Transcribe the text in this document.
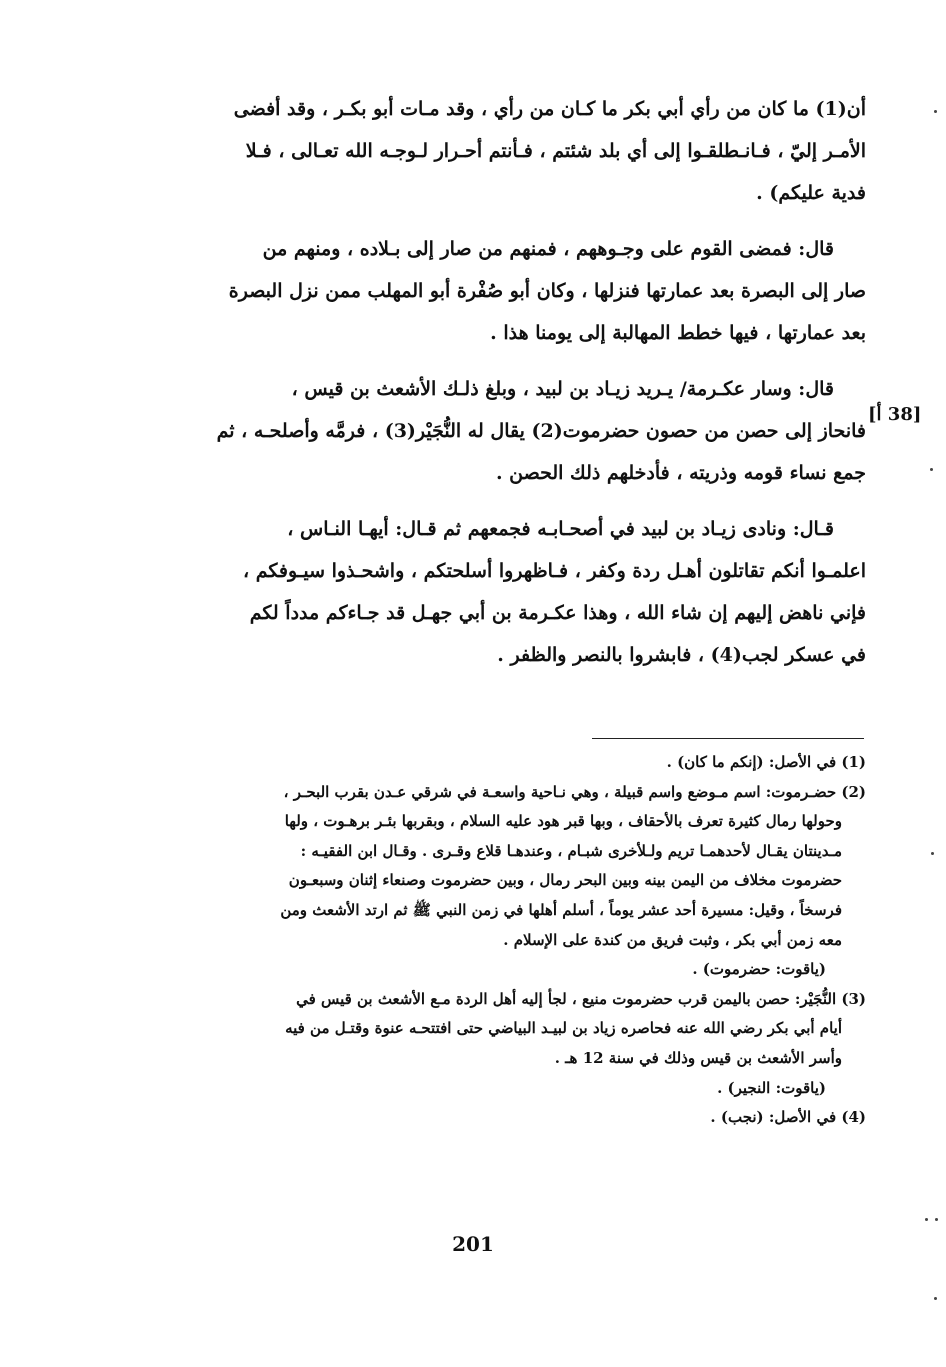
[38 أ]
أن(1) ما كان من رأي أبي بكر ما كـان من رأي ، وقد مـات أبو بكـر ، وقد أفضى
الأمـر إليّ ، فـانـطلقـوا إلى أي بلد شئتم ، فـأنتم أحـرار لـوجـه الله تعـالى ، فـلا
فدية عليكم) .
قال: فمضى القوم على وجـوههم ، فمنهم من صار إلى بـلاده ، ومنهم من
صار إلى البصرة بعد عمارتها فنزلها ، وكان أبو صُفْرة أبو المهلب ممن نزل البصرة
بعد عمارتها ، فيها خطط المهالبة إلى يومنا هذا .
قال: وسار عكـرمة/ يـريد زيـاد بن لبيد ، وبلغ ذلـك الأشعث بن قيس ،
فانحاز إلى حصن من حصون حضرموت(2) يقال له النُّجَيْر(3) ، فرمَّه وأصلحـه ، ثم
جمع نساء قومه وذريته ، فأدخلهم ذلك الحصن .
قـال: ونادى زيـاد بن لبيد في أصحـابـه فجمعهم ثم قـال: أيهـا النـاس ،
اعلمـوا أنكم تقاتلون أهـل ردة وكفر ، فـاظهروا أسلحتكم ، واشحـذوا سيـوفكم ،
فإني ناهض إليهم إن شاء الله ، وهذا عكـرمة بن أبي جهـل قد جـاءكم مدداً لكم
في عسكر لجب(4) ، فابشروا بالنصر والظفر .
(1) في الأصل: (إنكم ما كان) .
(2) حضـرموت: اسم مـوضع واسم قبيلة ، وهي نـاحية واسعـة في شرقي عـدن بقرب البحـر ،
وحولها رمال كثيرة تعرف بالأحقاف ، وبها قبر هود عليه السلام ، وبقربها بئـر برهـوت ، ولها
مـدينتان يقـال لأحدهمـا تريم ولـلأخرى شبـام ، وعندهـا قلاع وقـرى . وقـال ابن الفقيـه :
حضرموت مخلاف من اليمن بينه وبين البحر رمال ، وبين حضرموت وصنعاء إثنان وسبعـون
فرسخاً ، وقيل: مسيرة أحد عشر يوماً ، أسلم أهلها في زمن النبي ﷺ ثم ارتد الأشعث ومن
معه زمن أبي بكر ، وثبت فريق من كندة على الإسلام .
(ياقوت: حضرموت) .
(3) النُّجَيْر: حصن باليمن قرب حضرموت منيع ، لجأ إليه أهل الردة مـع الأشعث بن قيس في
أيام أبي بكر رضي الله عنه فحاصره زياد بن لبيـد البياضي حتى افتتحـه عنوة وقتـل من فيه
وأسر الأشعث بن قيس وذلك في سنة 12 هـ .
(ياقوت: النجير) .
(4) في الأصل: (نجب) .
201
